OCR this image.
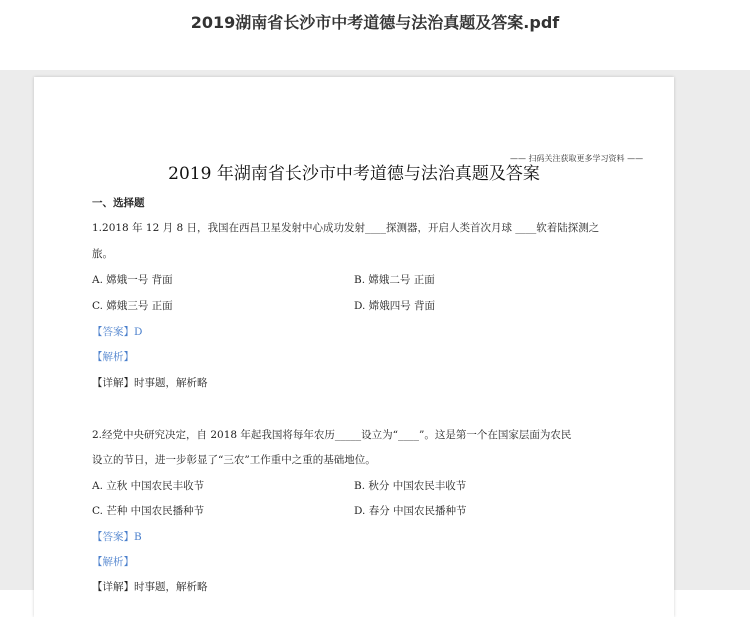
2019湖南省长沙市中考道德与法治真题及答案.pdf
—— 扫码关注获取更多学习资料 ——
2019 年湖南省长沙市中考道德与法治真题及答案
一、选择题
1.2018 年 12 月 8 日，我国在西昌卫星发射中心成功发射____探测器，开启人类首次月球 ____软着陆探测之
旅。
A. 嫦娥一号 背面	B. 嫦娥二号 正面
C. 嫦娥三号 正面	D. 嫦娥四号 背面
【答案】D
【解析】
【详解】时事题，解析略
2.经党中央研究决定，自 2018 年起我国将每年农历_____设立为“____”。这是第一个在国家层面为农民
设立的节日，进一步彰显了“三农”工作重中之重的基础地位。
A. 立秋 中国农民丰收节	B. 秋分 中国农民丰收节
C. 芒种 中国农民播种节	D. 春分 中国农民播种节
【答案】B
【解析】
【详解】时事题，解析略
